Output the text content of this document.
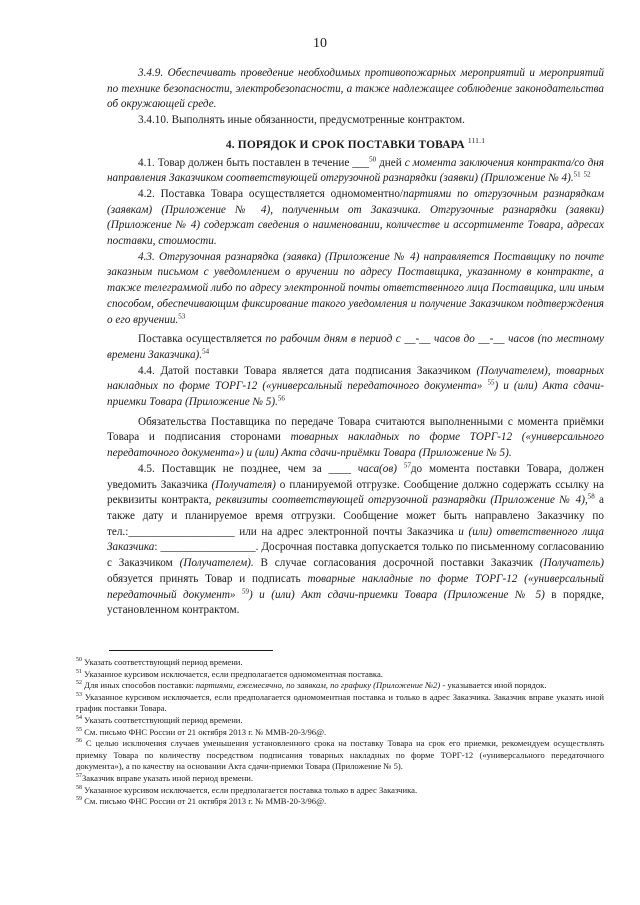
10

3.4.9. Обеспечивать проведение необходимых противопожарных мероприятий и мероприятий по технике безопасности, электробезопасности, а также надлежащее соблюдение законодательства об окружающей среде.

3.4.10. Выполнять иные обязанности, предусмотренные контрактом.

4. ПОРЯДОК И СРОК ПОСТАВКИ ТОВАРА $^{111.1}$

4.1. Товар должен быть поставлен в течение ___$^{50}$ дней с момента заключения контракта/со дня направления Заказчиком соответствующей отгрузочной разнарядки (заявки) (Приложение № 4).$^{51}$ $^{52}$

4.2. Поставка Товара осуществляется одномоментно/партиями по отгрузочным разнарядкам (заявкам) (Приложение № 4), полученным от Заказчика. Отгрузочные разнарядки (заявки) (Приложение № 4) содержат сведения о наименовании, количестве и ассортименте Товара, адресах поставки, стоимости.

4.3. Отгрузочная разнарядка (заявка) (Приложение № 4) направляется Поставщику по почте заказным письмом с уведомлением о вручении по адресу Поставщика, указанному в контракте, а также телеграммой либо по адресу электронной почты ответственного лица Поставщика, или иным способом, обеспечивающим фиксирование такого уведомления и получение Заказчиком подтверждения о его вручении.$^{53}$

Поставка осуществляется по рабочим дням в период с __-__ часов до __-__ часов (по местному времени Заказчика).$^{54}$

4.4. Датой поставки Товара является дата подписания Заказчиком (Получателем), товарных накладных по форме ТОРГ-12 («универсальный передаточного документа» $^{55}$) и (или) Акта сдачи-приемки Товара (Приложение № 5).$^{56}$

Обязательства Поставщика по передаче Товара считаются выполненными с момента приёмки Товара и подписания сторонами товарных накладных по форме ТОРГ-12 («универсального передаточного документа») и (или) Акта сдачи-приёмки Товара (Приложение № 5).

4.5. Поставщик не позднее, чем за ____ часа(ов) $^{57}$до момента поставки Товара, должен уведомить Заказчика (Получателя) о планируемой отгрузке. Сообщение должно содержать ссылку на реквизиты контракта, реквизиты соответствующей отгрузочной разнарядки (Приложение № 4),$^{58}$ а также дату и планируемое время отгрузки. Сообщение может быть направлено Заказчику по тел.:___________________ или на адрес электронной почты Заказчика и (или) ответственного лица Заказчика: _________________. Досрочная поставка допускается только по письменному согласованию с Заказчиком (Получателем). В случае согласования досрочной поставки Заказчик (Получатель) обязуется принять Товар и подписать товарные накладные по форме ТОРГ-12 («универсальный передаточный документ» $^{59}$) и (или) Акт сдачи-приемки Товара (Приложение № 5) в порядке, установленном контрактом.

$^{50}$ Указать соответствующий период времени.

$^{51}$ Указанное курсивом исключается, если предполагается одномоментная поставка.

$^{52}$ Для иных способов поставки: партиями, ежемесячно, по заявкам, по графику (Приложение №2) - указывается иной порядок.

$^{53}$ Указанное курсивом исключается, если предполагается одномоментная поставка и только в адрес Заказчика. Заказчик вправе указать иной график поставки Товара.

$^{54}$ Указать соответствующий период времени.

$^{55}$ См. письмо ФНС России от 21 октября 2013 г. № ММВ-20-3/96@.

$^{56}$ С целью исключения случаев уменьшения установленного срока на поставку Товара на срок его приемки, рекомендуем осуществлять приемку Товара по количеству посредством подписания товарных накладных по форме ТОРГ-12 («универсального передаточного документа»), а по качеству на основании Акта сдачи-приемки Товара (Приложение № 5).

$^{57}$Заказчик вправе указать иной период времени.

$^{58}$ Указанное курсивом исключается, если предполагается поставка только в адрес Заказчика.

$^{59}$ См. письмо ФНС России от 21 октября 2013 г. № ММВ-20-3/96@.
